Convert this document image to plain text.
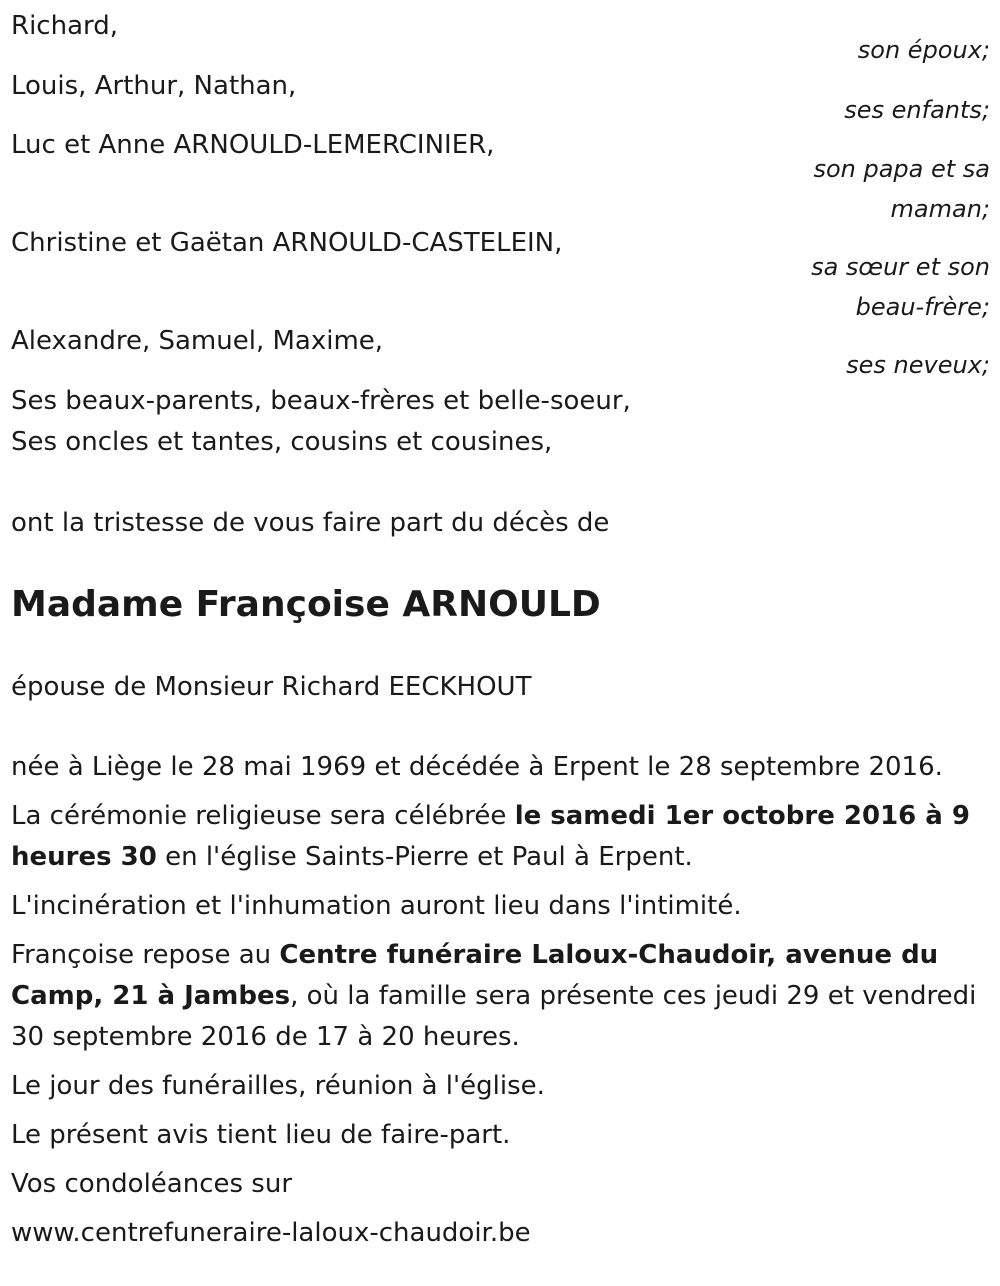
Richard,
son époux;
Louis, Arthur, Nathan,
ses enfants;
Luc et Anne ARNOULD-LEMERCINIER,
son papa et sa maman;
Christine et Gaëtan ARNOULD-CASTELEIN,
sa sœur et son beau-frère;
Alexandre, Samuel, Maxime,
ses neveux;
Ses beaux-parents, beaux-frères et belle-soeur,
Ses oncles et tantes, cousins et cousines,
ont la tristesse de vous faire part du décès de
Madame Françoise ARNOULD
épouse de Monsieur Richard EECKHOUT
née à Liège le 28 mai 1969 et décédée à Erpent le 28 septembre 2016.
La cérémonie religieuse sera célébrée le samedi 1er octobre 2016 à 9 heures 30 en l'église Saints-Pierre et Paul à Erpent.
L'incinération et l'inhumation auront lieu dans l'intimité.
Françoise repose au Centre funéraire Laloux-Chaudoir, avenue du Camp, 21 à Jambes, où la famille sera présente ces jeudi 29 et vendredi 30 septembre 2016 de 17 à 20 heures.
Le jour des funérailles, réunion à l'église.
Le présent avis tient lieu de faire-part.
Vos condoléances sur
www.centrefuneraire-laloux-chaudoir.be
